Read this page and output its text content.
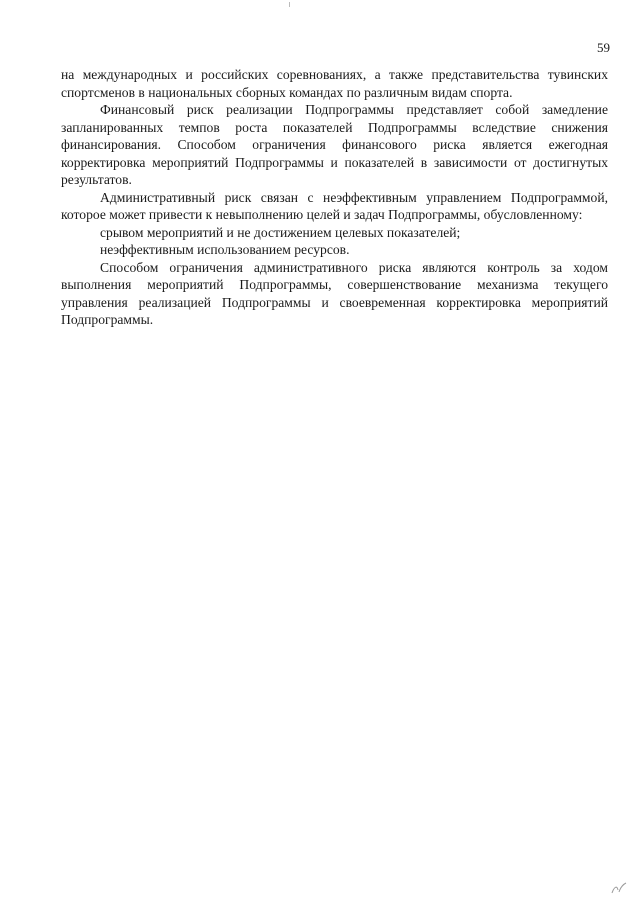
59

на международных и российских соревнованиях, а также представительства тувинских спортсменов в национальных сборных командах по различным видам спорта.

Финансовый риск реализации Подпрограммы представляет собой замедление запланированных темпов роста показателей Подпрограммы вследствие снижения финансирования. Способом ограничения финансового риска является ежегодная корректировка мероприятий Подпрограммы и показателей в зависимости от достигнутых результатов.

Административный риск связан с неэффективным управлением Подпрограммой, которое может привести к невыполнению целей и задач Подпрограммы, обусловленному:

срывом мероприятий и не достижением целевых показателей;

неэффективным использованием ресурсов.

Способом ограничения административного риска являются контроль за ходом выполнения мероприятий Подпрограммы, совершенствование механизма текущего управления реализацией Подпрограммы и своевременная корректировка мероприятий Подпрограммы.
